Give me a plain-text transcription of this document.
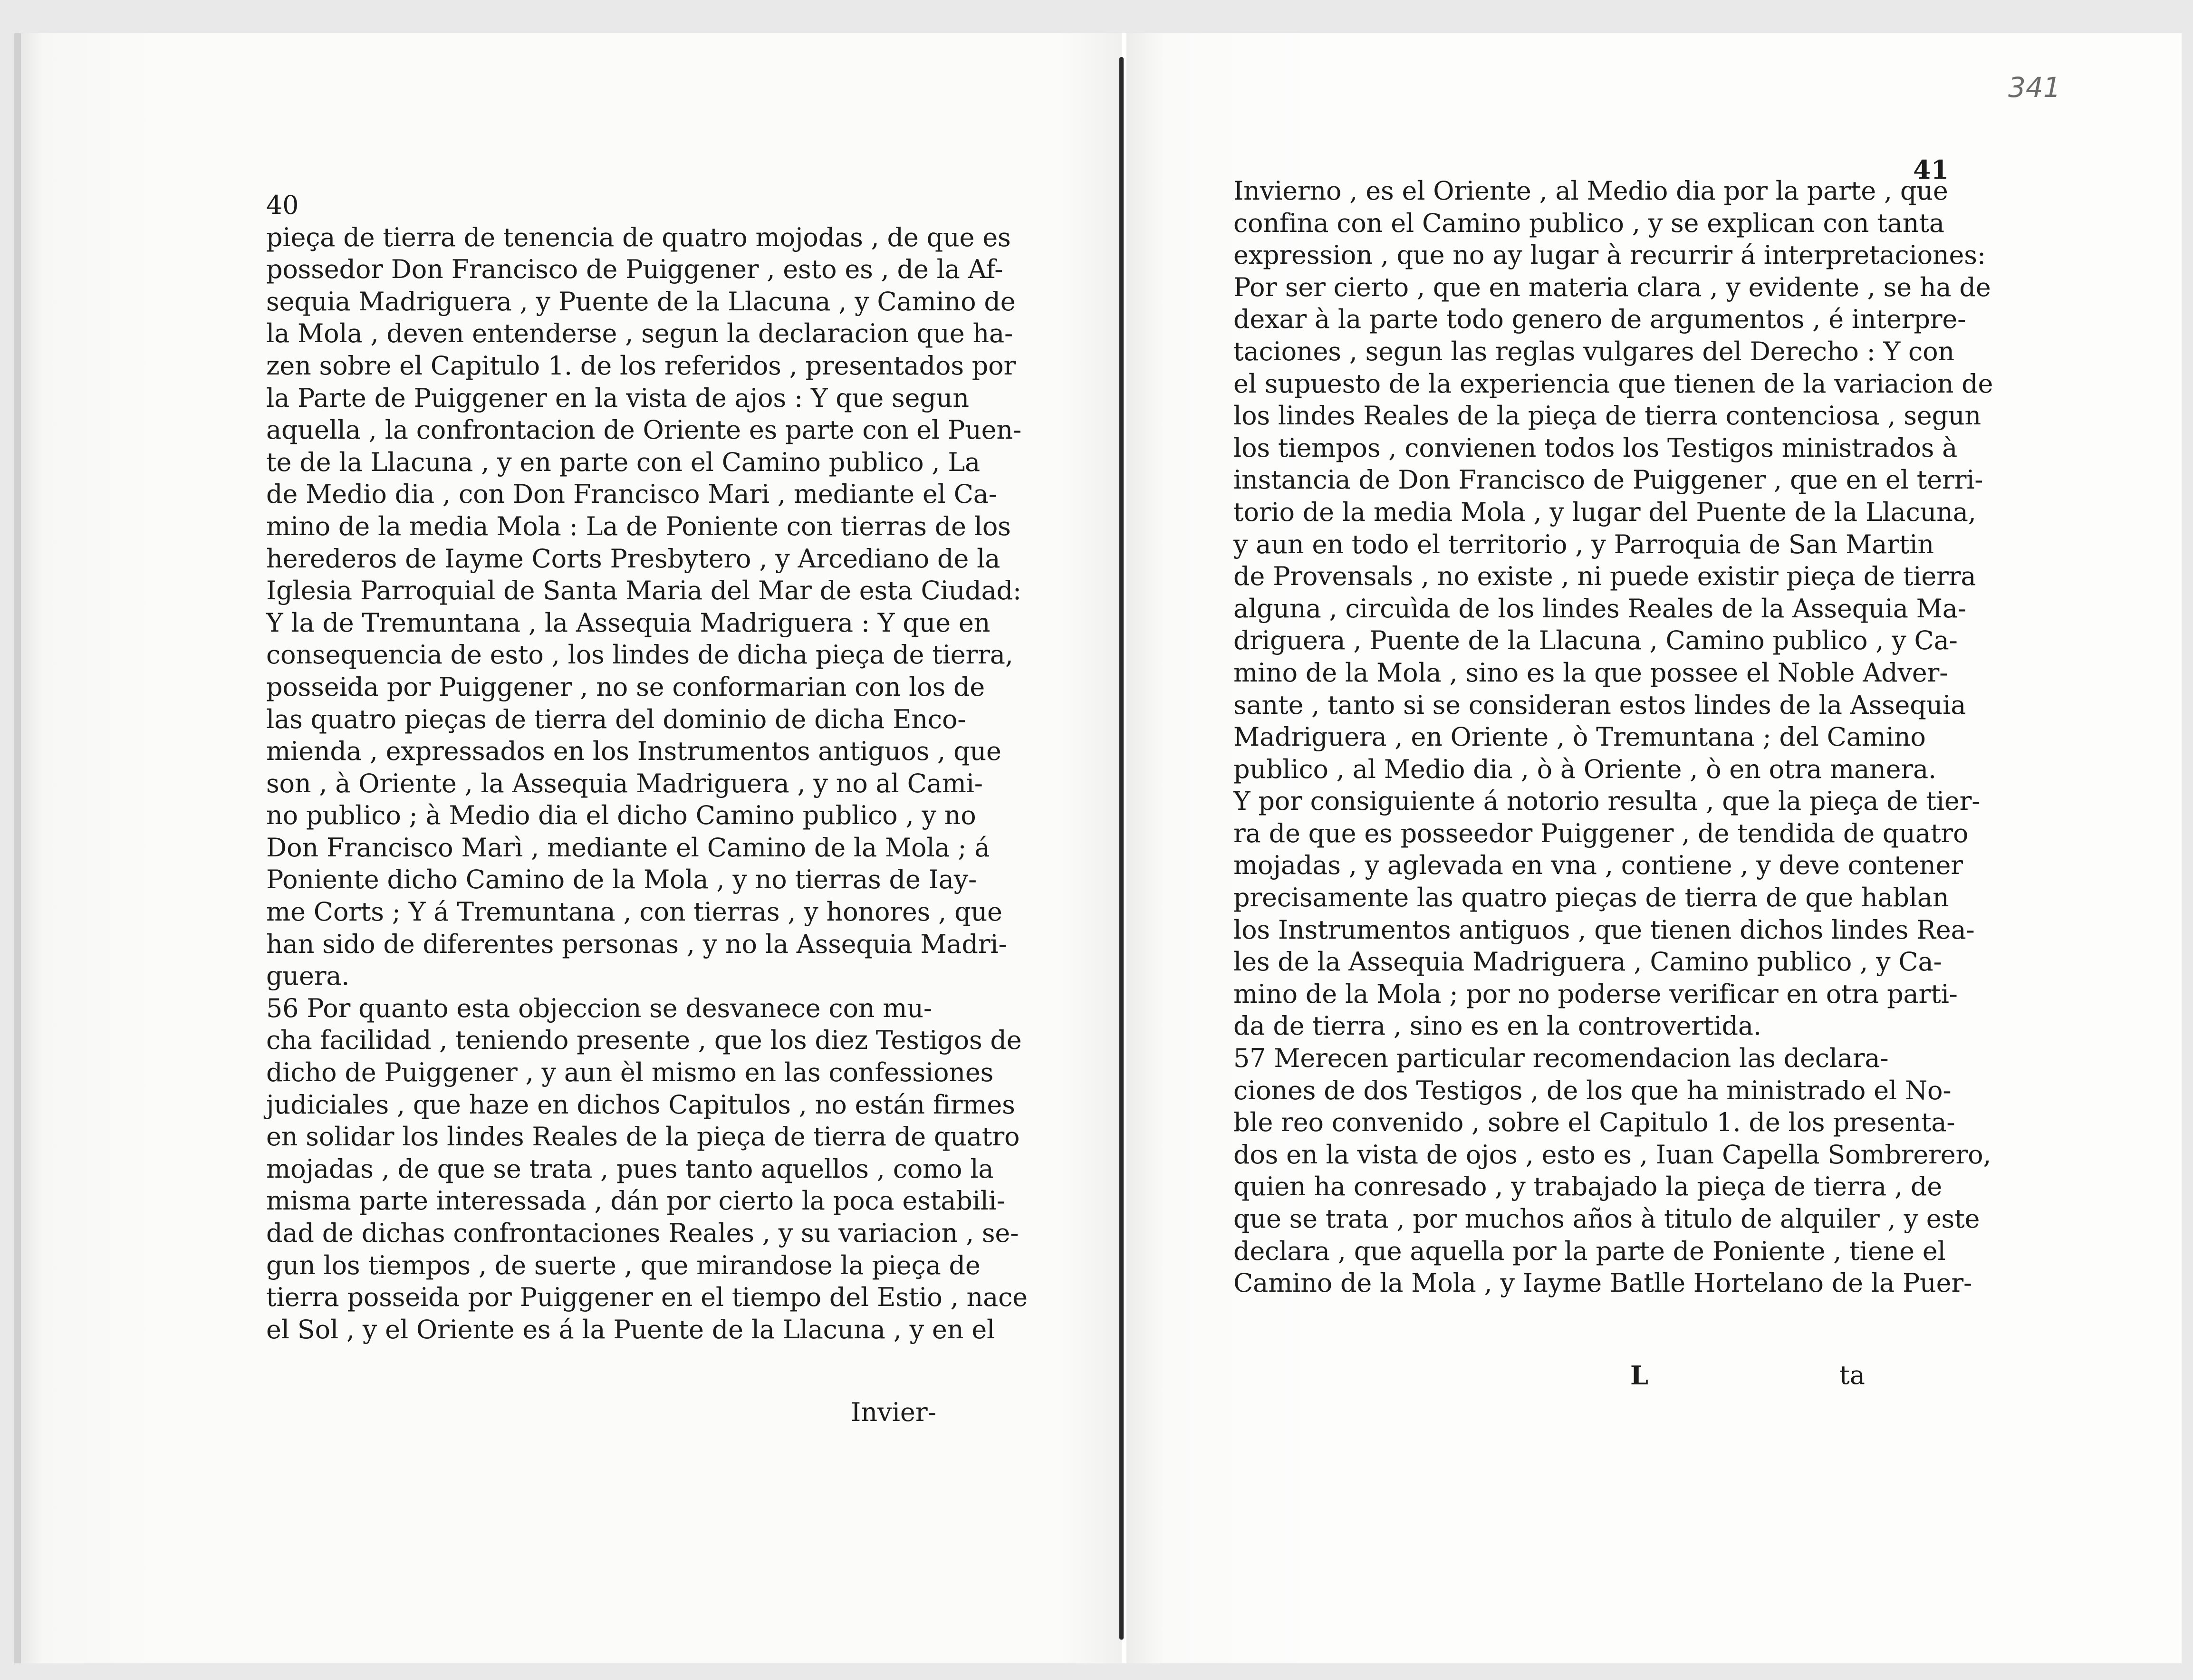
341
40
pieça de tierra de tenencia de quatro mojodas , de que es
possedor Don Francisco de Puiggener , esto es , de la Af-
sequia Madriguera , y Puente de la Llacuna , y Camino de
la Mola , deven entenderse , segun la declaracion que ha-
zen sobre el Capitulo 1. de los referidos , presentados por
la Parte de Puiggener en la vista de ajos : Y que segun
aquella , la confrontacion de Oriente es parte con el Puen-
te de la Llacuna , y en parte con el Camino publico , La
de Medio dia , con Don Francisco Mari , mediante el Ca-
mino de la media Mola : La de Poniente con tierras de los
herederos de Iayme Corts Presbytero , y Arcediano de la
Iglesia Parroquial de Santa Maria del Mar de esta Ciudad:
Y la de Tremuntana , la Assequia Madriguera : Y que en
consequencia de esto , los lindes de dicha pieça de tierra,
posseida por Puiggener , no se conformarian con los de
las quatro pieças de tierra del dominio de dicha Enco-
mienda , expressados en los Instrumentos antiguos , que
son , à Oriente , la Assequia Madriguera , y no al Cami-
no publico ; à Medio dia el dicho Camino publico , y no
Don Francisco Marì , mediante el Camino de la Mola ; á
Poniente dicho Camino de la Mola , y no tierras de Iay-
me Corts ; Y á Tremuntana , con tierras , y honores , que
han sido de diferentes personas , y no la Assequia Madri-
guera.
56 Por quanto esta objeccion se desvanece con mu-
cha facilidad , teniendo presente , que los diez Testigos de
dicho de Puiggener , y aun èl mismo en las confessiones
judiciales , que haze en dichos Capitulos , no están firmes
en solidar los lindes Reales de la pieça de tierra de quatro
mojadas , de que se trata , pues tanto aquellos , como la
misma parte interessada , dán por cierto la poca estabili-
dad de dichas confrontaciones Reales , y su variacion , se-
gun los tiempos , de suerte , que mirandose la pieça de
tierra posseida por Puiggener en el tiempo del Estio , nace
el Sol , y el Oriente es á la Puente de la Llacuna , y en el
Invier-
41
Invierno , es el Oriente , al Medio dia por la parte , que
confina con el Camino publico , y se explican con tanta
expression , que no ay lugar à recurrir á interpretaciones:
Por ser cierto , que en materia clara , y evidente , se ha de
dexar à la parte todo genero de argumentos , é interpre-
taciones , segun las reglas vulgares del Derecho : Y con
el supuesto de la experiencia que tienen de la variacion de
los lindes Reales de la pieça de tierra contenciosa , segun
los tiempos , convienen todos los Testigos ministrados à
instancia de Don Francisco de Puiggener , que en el terri-
torio de la media Mola , y lugar del Puente de la Llacuna,
y aun en todo el territorio , y Parroquia de San Martin
de Provensals , no existe , ni puede existir pieça de tierra
alguna , circuìda de los lindes Reales de la Assequia Ma-
driguera , Puente de la Llacuna , Camino publico , y Ca-
mino de la Mola , sino es la que possee el Noble Adver-
sante , tanto si se consideran estos lindes de la Assequia
Madriguera , en Oriente , ò Tremuntana ; del Camino
publico , al Medio dia , ò à Oriente , ò en otra manera.
Y por consiguiente á notorio resulta , que la pieça de tier-
ra de que es posseedor Puiggener , de tendida de quatro
mojadas , y aglevada en vna , contiene , y deve contener
precisamente las quatro pieças de tierra de que hablan
los Instrumentos antiguos , que tienen dichos lindes Rea-
les de la Assequia Madriguera , Camino publico , y Ca-
mino de la Mola ; por no poderse verificar en otra parti-
da de tierra , sino es en la controvertida.
57 Merecen particular recomendacion las declara-
ciones de dos Testigos , de los que ha ministrado el No-
ble reo convenido , sobre el Capitulo 1. de los presenta-
dos en la vista de ojos , esto es , Iuan Capella Sombrerero,
quien ha conresado , y trabajado la pieça de tierra , de
que se trata , por muchos años à titulo de alquiler , y este
declara , que aquella por la parte de Poniente , tiene el
Camino de la Mola , y Iayme Batlle Hortelano de la Puer-
L	ta
